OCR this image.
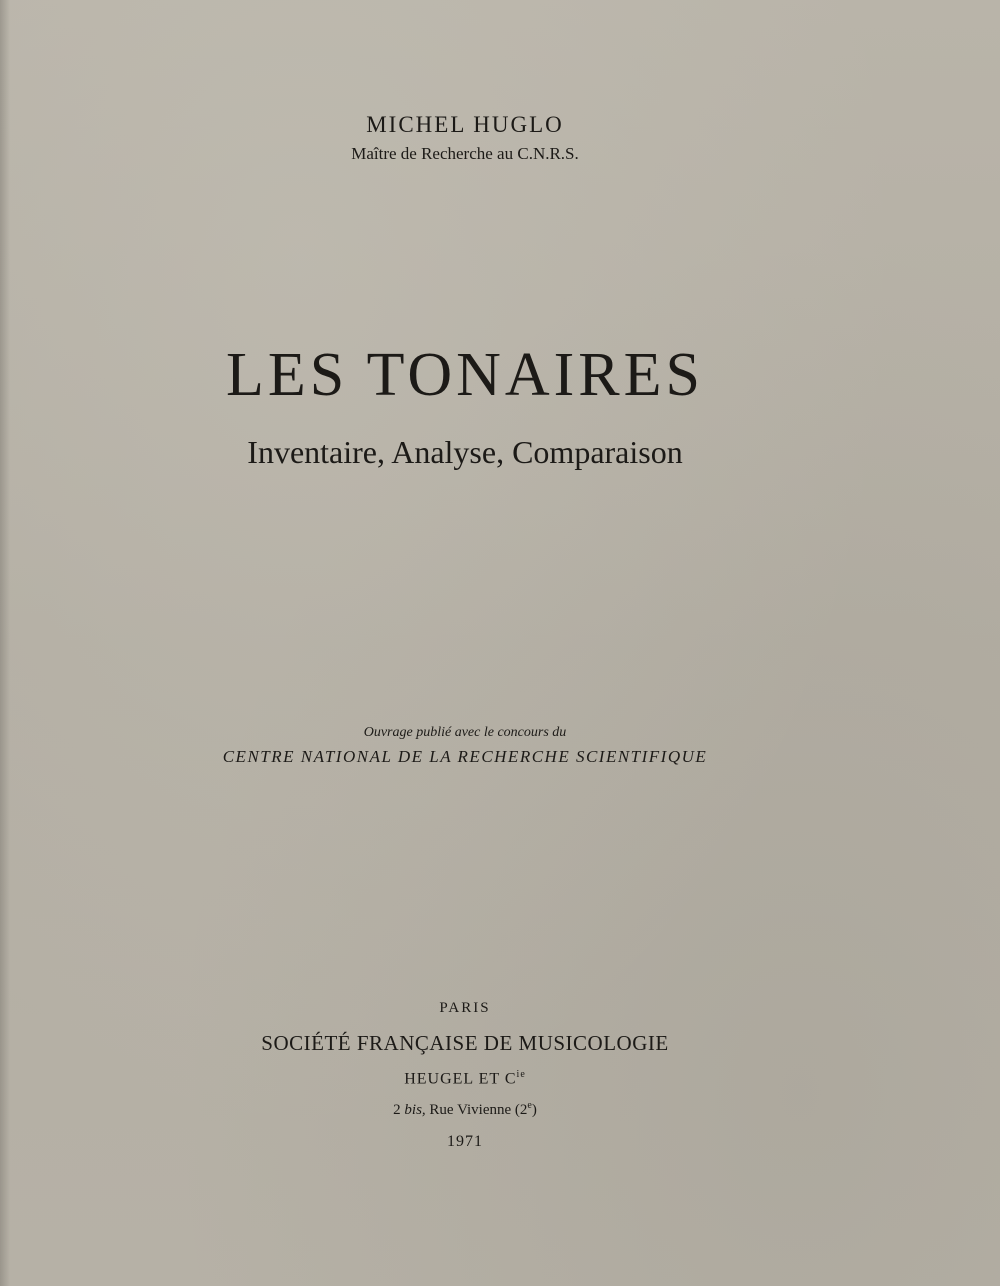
MICHEL HUGLO
Maître de Recherche au C.N.R.S.
LES TONAIRES
Inventaire, Analyse, Comparaison
Ouvrage publié avec le concours du
CENTRE NATIONAL DE LA RECHERCHE SCIENTIFIQUE
PARIS
SOCIÉTÉ FRANÇAISE DE MUSICOLOGIE
HEUGEL ET $C^{ie}$
2 bis, Rue Vivienne (2e)
1971
